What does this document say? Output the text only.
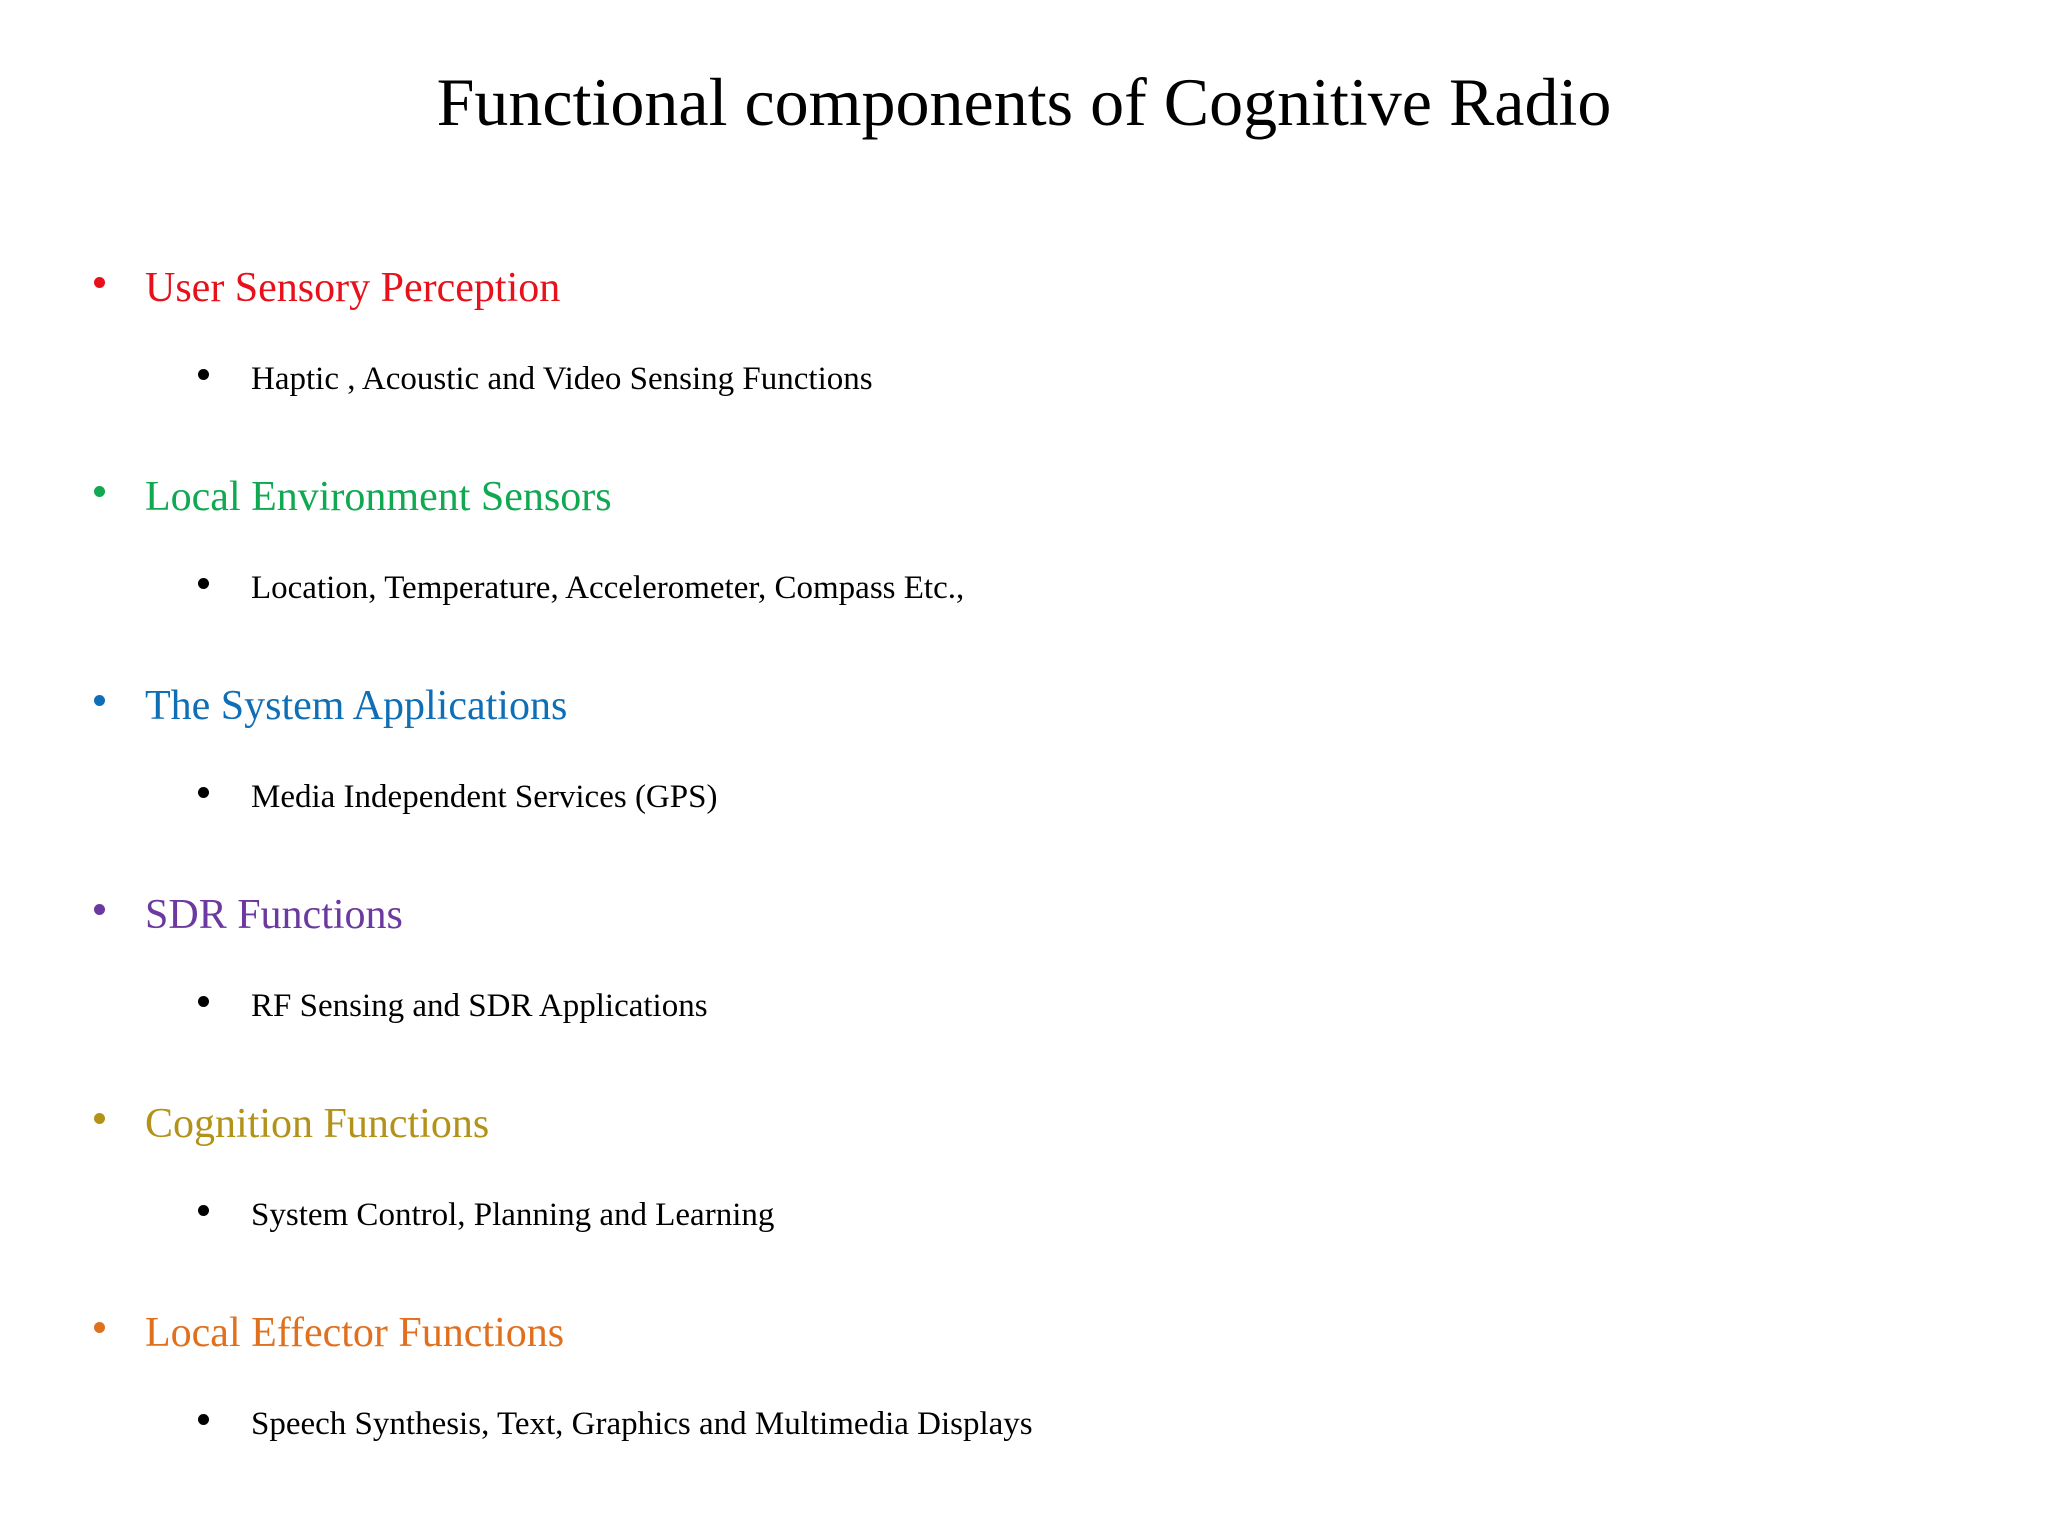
Functional components of Cognitive Radio
User Sensory Perception
Haptic , Acoustic and Video Sensing Functions
Local Environment Sensors
Location, Temperature, Accelerometer, Compass Etc.,
The System Applications
Media Independent Services (GPS)
SDR Functions
RF Sensing and SDR Applications
Cognition Functions
System Control, Planning and Learning
Local Effector Functions
Speech Synthesis, Text, Graphics and Multimedia Displays
